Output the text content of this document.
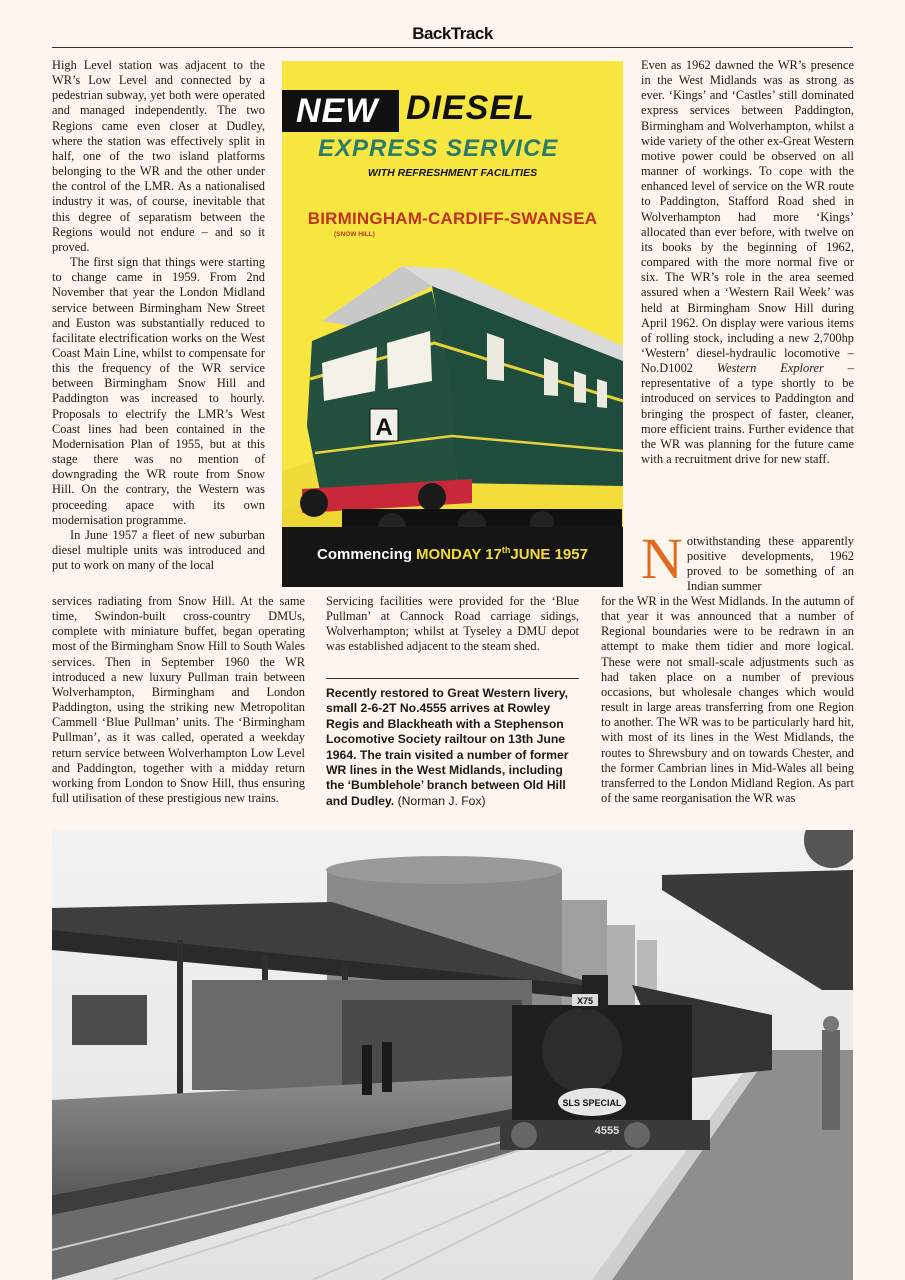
BackTrack
NEW DIESEL
EXPRESS SERVICE
WITH REFRESHMENT FACILITIES
BIRMINGHAM-CARDIFF-SWANSEA
(SNOW HILL)
A
Commencing MONDAY 17thJUNE 1957

High Level station was adjacent to the WR’s Low Level and connected by a pedestrian subway, yet both were operated and managed independently. The two Regions came even closer at Dudley, where the station was effectively split in half, one of the two island platforms belonging to the WR and the other under the control of the LMR. As a nationalised industry it was, of course, inevitable that this degree of separatism between the Regions would not endure – and so it proved.

The first sign that things were starting to change came in 1959. From 2nd November that year the London Midland service between Birmingham New Street and Euston was substantially reduced to facilitate electrification works on the West Coast Main Line, whilst to compensate for this the frequency of the WR service between Birmingham Snow Hill and Paddington was increased to hourly. Proposals to electrify the LMR’s West Coast lines had been contained in the Modernisation Plan of 1955, but at this stage there was no mention of downgrading the WR route from Snow Hill. On the contrary, the Western was proceeding apace with its own modernisation programme.

In June 1957 a fleet of new suburban diesel multiple units was introduced and put to work on many of the local

services radiating from Snow Hill. At the same time, Swindon-built cross-country DMUs, complete with miniature buffet, began operating most of the Birmingham Snow Hill to South Wales services. Then in September 1960 the WR introduced a new luxury Pullman train between Wolverhampton, Birmingham and London Paddington, using the striking new Metropolitan Cammell ‘Blue Pullman’ units. The ‘Birmingham Pullman’, as it was called, operated a weekday return service between Wolverhampton Low Level and Paddington, together with a midday return working from London to Snow Hill, thus ensuring full utilisation of these prestigious new trains.

Servicing facilities were provided for the ‘Blue Pullman’ at Cannock Road carriage sidings, Wolverhampton; whilst at Tyseley a DMU depot was established adjacent to the steam shed.

Recently restored to Great Western livery, small 2-6-2T No.4555 arrives at Rowley Regis and Blackheath with a Stephenson Locomotive Society railtour on 13th June 1964. The train visited a number of former WR lines in the West Midlands, including the ‘Bumblehole’ branch between Old Hill and Dudley. (Norman J. Fox)

Even as 1962 dawned the WR’s presence in the West Midlands was as strong as ever. ‘Kings’ and ‘Castles’ still dominated express services between Paddington, Birmingham and Wolverhampton, whilst a wide variety of the other ex-Great Western motive power could be observed on all manner of workings. To cope with the enhanced level of service on the WR route to Paddington, Stafford Road shed in Wolverhampton had more ‘Kings’ allocated than ever before, with twelve on its books by the beginning of 1962, compared with the more normal five or six. The WR’s role in the area seemed assured when a ‘Western Rail Week’ was held at Birmingham Snow Hill during April 1962. On display were various items of rolling stock, including a new 2,700hp ‘Western’ diesel-hydraulic locomotive – No.D1002 Western Explorer – representative of a type shortly to be introduced on services to Paddington and bringing the prospect of faster, cleaner, more efficient trains. Further evidence that the WR was planning for the future came with a recruitment drive for new staff.

Notwithstanding these apparently positive developments, 1962 proved to be something of an Indian summer

for the WR in the West Midlands. In the autumn of that year it was announced that a number of Regional boundaries were to be redrawn in an attempt to make them tidier and more logical. These were not small-scale adjustments such as had taken place on a number of previous occasions, but wholesale changes which would result in large areas transferring from one Region to another. The WR was to be particularly hard hit, with most of its lines in the West Midlands, the routes to Shrewsbury and on towards Chester, and the former Cambrian lines in Mid-Wales all being transferred to the London Midland Region. As part of the same reorganisation the WR was

SLS SPECIAL
4555
X75
